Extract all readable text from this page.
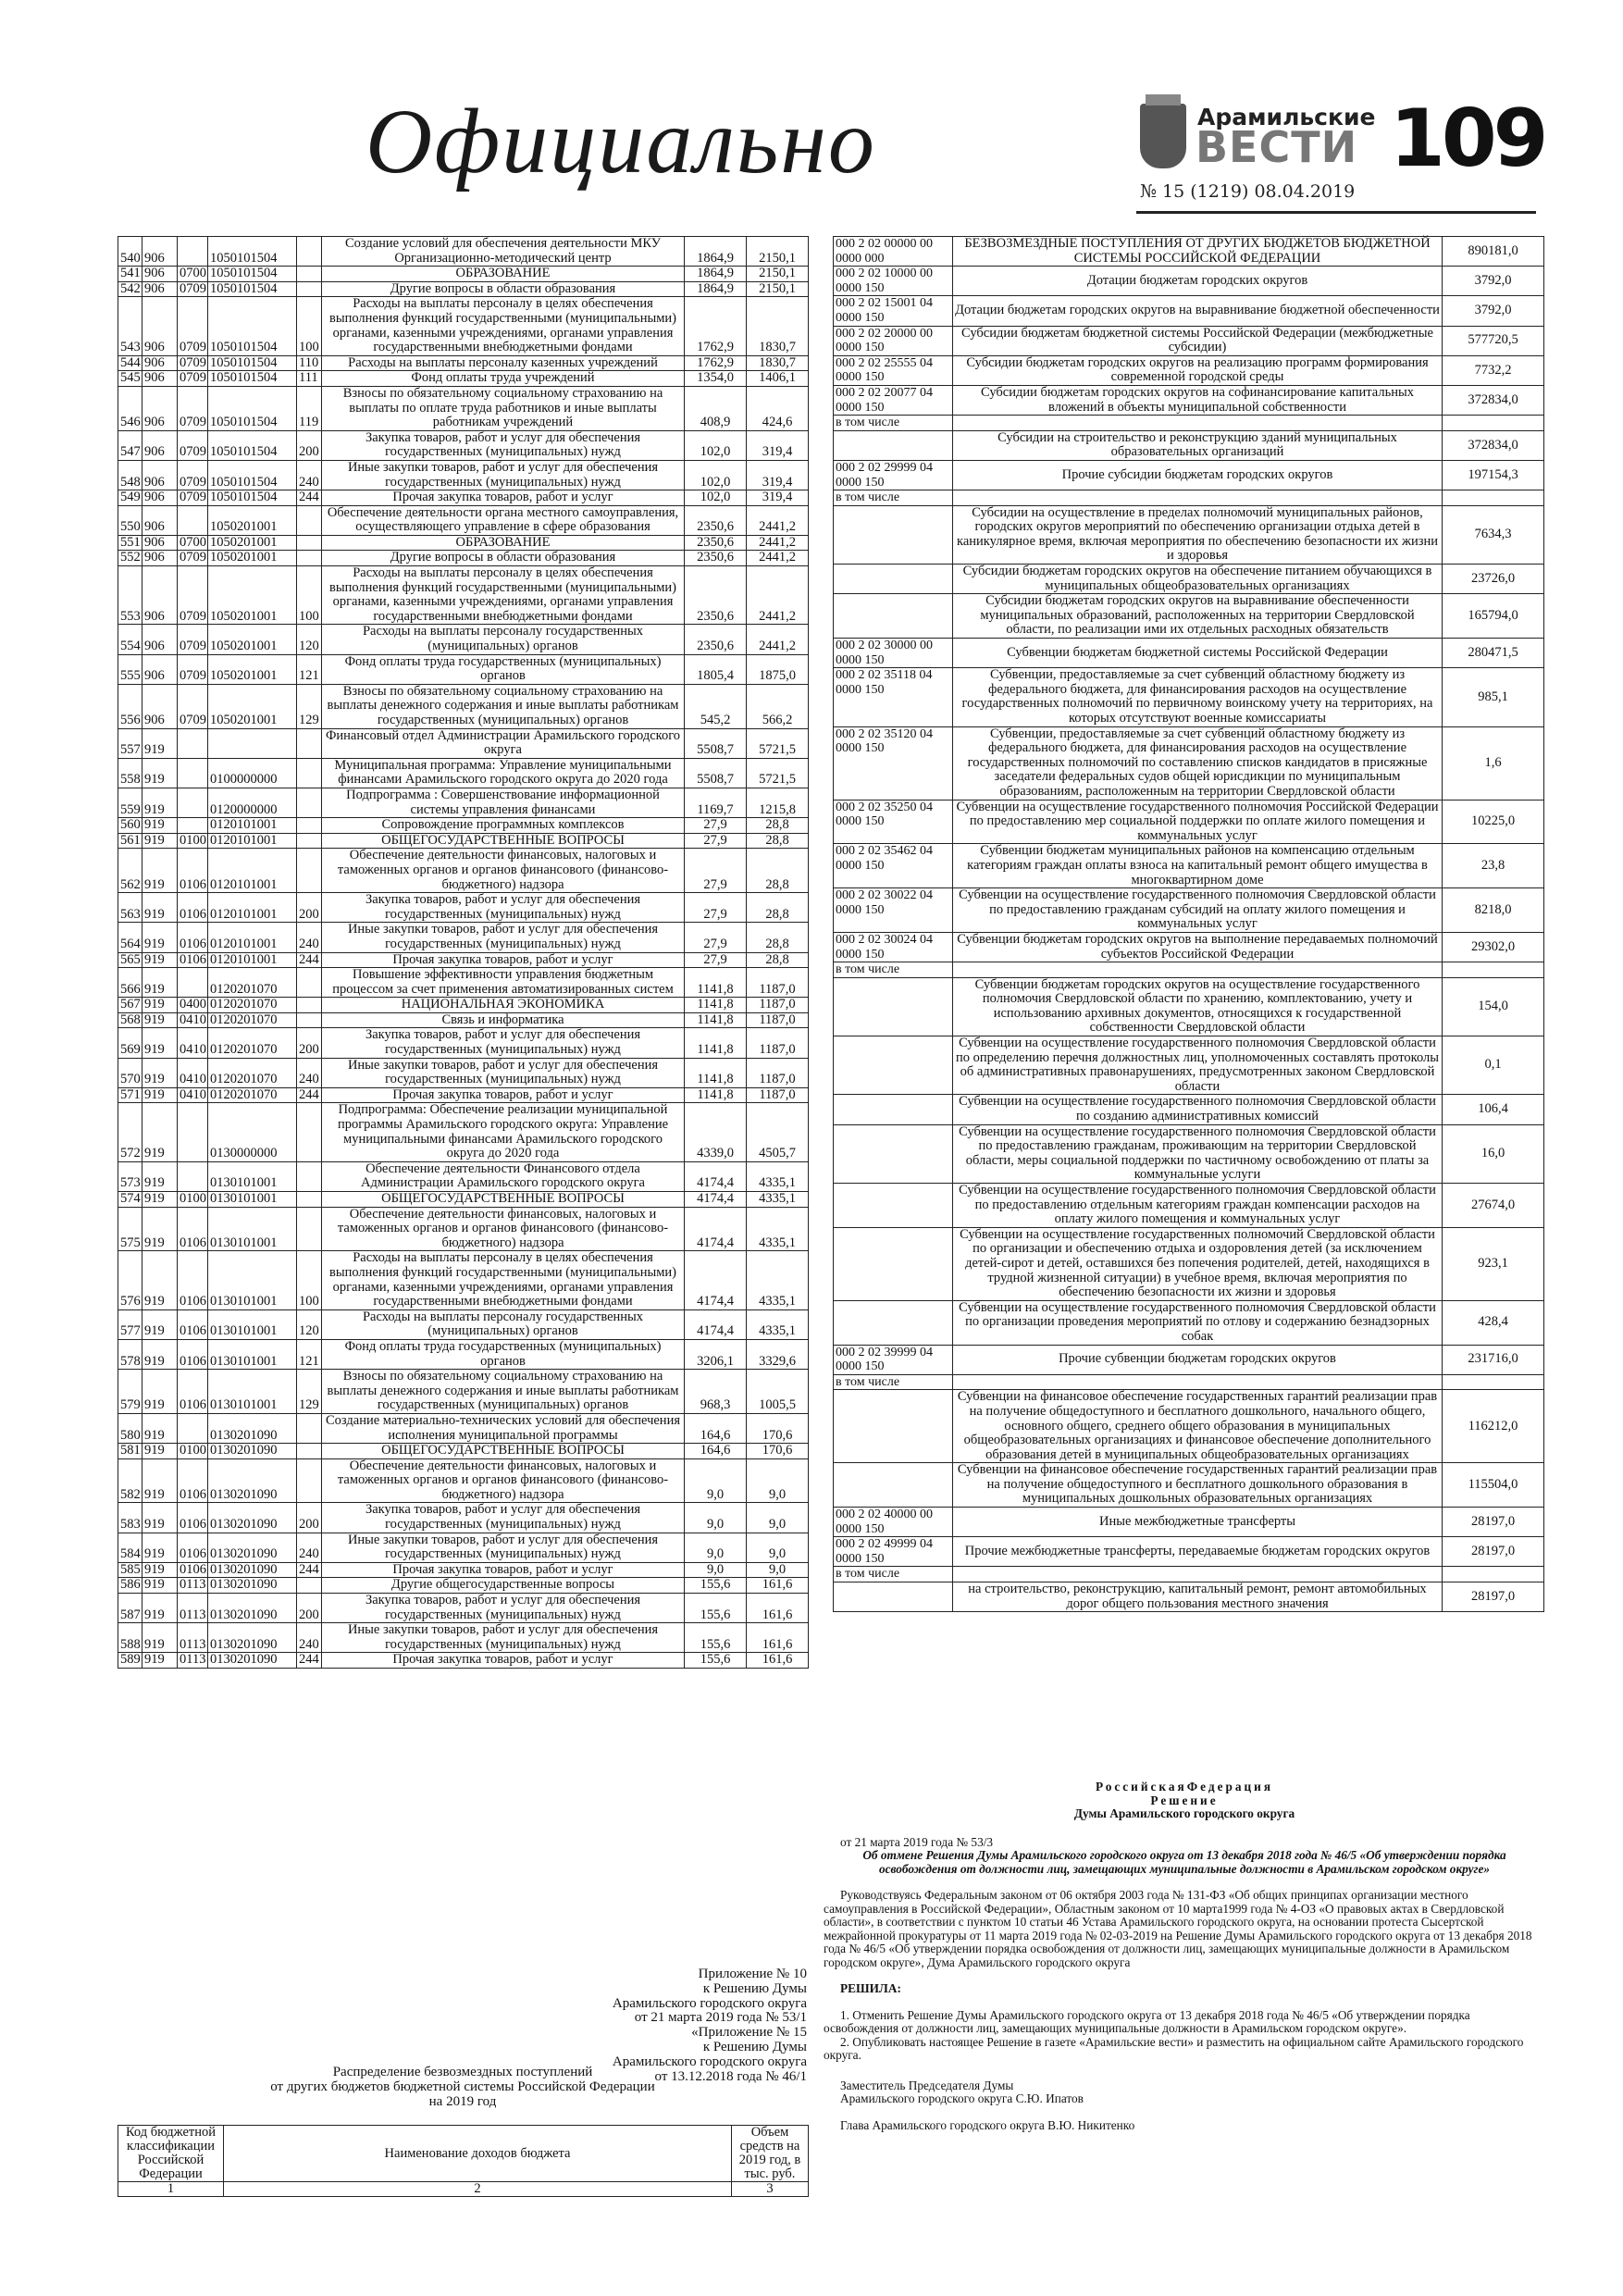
Официально	Арамильские
ВЕСТИ 109
№ 15 (1219) 08.04.2019
540	906		1050101504		Создание условий для обеспечения деятельности МКУ Организационно-методический центр	1864,9	2150,1
541	906	0700	1050101504		ОБРАЗОВАНИЕ	1864,9	2150,1
542	906	0709	1050101504		Другие вопросы в области образования	1864,9	2150,1
543	906	0709	1050101504	100	Расходы на выплаты персоналу в целях обеспечения выполнения функций государственными (муниципальными) органами, казенными учреждениями, органами управления государственными внебюджетными фондами	1762,9	1830,7
544	906	0709	1050101504	110	Расходы на выплаты персоналу казенных учреждений	1762,9	1830,7
545	906	0709	1050101504	111	Фонд оплаты труда учреждений	1354,0	1406,1
546	906	0709	1050101504	119	Взносы по обязательному социальному страхованию на выплаты по оплате труда работников и иные выплаты работникам учреждений	408,9	424,6
547	906	0709	1050101504	200	Закупка товаров, работ и услуг для обеспечения государственных (муниципальных) нужд	102,0	319,4
548	906	0709	1050101504	240	Иные закупки товаров, работ и услуг для обеспечения государственных (муниципальных) нужд	102,0	319,4
549	906	0709	1050101504	244	Прочая закупка товаров, работ и услуг	102,0	319,4
550	906		1050201001		Обеспечение деятельности органа местного самоуправления, осуществляющего управление в сфере образования	2350,6	2441,2
551	906	0700	1050201001		ОБРАЗОВАНИЕ	2350,6	2441,2
552	906	0709	1050201001		Другие вопросы в области образования	2350,6	2441,2
553	906	0709	1050201001	100	Расходы на выплаты персоналу в целях обеспечения выполнения функций государственными (муниципальными) органами, казенными учреждениями, органами управления государственными внебюджетными фондами	2350,6	2441,2
554	906	0709	1050201001	120	Расходы на выплаты персоналу государственных (муниципальных) органов	2350,6	2441,2
555	906	0709	1050201001	121	Фонд оплаты труда государственных (муниципальных) органов	1805,4	1875,0
556	906	0709	1050201001	129	Взносы по обязательному социальному страхованию на выплаты денежного содержания и иные выплаты работникам государственных (муниципальных) органов	545,2	566,2
557	919				Финансовый отдел Администрации Арамильского городского округа	5508,7	5721,5
558	919		0100000000		Муниципальная программа: Управление муниципальными финансами Арамильского городского округа до 2020 года	5508,7	5721,5
559	919		0120000000		Подпрограмма : Совершенствование информационной системы управления финансами	1169,7	1215,8
560	919		0120101001		Сопровождение программных комплексов	27,9	28,8
561	919	0100	0120101001		ОБЩЕГОСУДАРСТВЕННЫЕ ВОПРОСЫ	27,9	28,8
562	919	0106	0120101001		Обеспечение деятельности финансовых, налоговых и таможенных органов и органов финансового (финансово-бюджетного) надзора	27,9	28,8
563	919	0106	0120101001	200	Закупка товаров, работ и услуг для обеспечения государственных (муниципальных) нужд	27,9	28,8
564	919	0106	0120101001	240	Иные закупки товаров, работ и услуг для обеспечения государственных (муниципальных) нужд	27,9	28,8
565	919	0106	0120101001	244	Прочая закупка товаров, работ и услуг	27,9	28,8
566	919		0120201070		Повышение эффективности управления бюджетным процессом за счет применения автоматизированных систем	1141,8	1187,0
567	919	0400	0120201070		НАЦИОНАЛЬНАЯ ЭКОНОМИКА	1141,8	1187,0
568	919	0410	0120201070		Связь и информатика	1141,8	1187,0
569	919	0410	0120201070	200	Закупка товаров, работ и услуг для обеспечения государственных (муниципальных) нужд	1141,8	1187,0
570	919	0410	0120201070	240	Иные закупки товаров, работ и услуг для обеспечения государственных (муниципальных) нужд	1141,8	1187,0
571	919	0410	0120201070	244	Прочая закупка товаров, работ и услуг	1141,8	1187,0
572	919		0130000000		Подпрограмма: Обеспечение реализации муниципальной программы Арамильского городского округа: Управление муниципальными финансами Арамильского городского округа до 2020 года	4339,0	4505,7
573	919		0130101001		Обеспечение деятельности Финансового отдела Администрации Арамильского городского округа	4174,4	4335,1
574	919	0100	0130101001		ОБЩЕГОСУДАРСТВЕННЫЕ ВОПРОСЫ	4174,4	4335,1
575	919	0106	0130101001		Обеспечение деятельности финансовых, налоговых и таможенных органов и органов финансового (финансово-бюджетного) надзора	4174,4	4335,1
576	919	0106	0130101001	100	Расходы на выплаты персоналу в целях обеспечения выполнения функций государственными (муниципальными) органами, казенными учреждениями, органами управления государственными внебюджетными фондами	4174,4	4335,1
577	919	0106	0130101001	120	Расходы на выплаты персоналу государственных (муниципальных) органов	4174,4	4335,1
578	919	0106	0130101001	121	Фонд оплаты труда государственных (муниципальных) органов	3206,1	3329,6
579	919	0106	0130101001	129	Взносы по обязательному социальному страхованию на выплаты денежного содержания и иные выплаты работникам государственных (муниципальных) органов	968,3	1005,5
580	919		0130201090		Создание материально-технических условий для обеспечения исполнения муниципальной программы	164,6	170,6
581	919	0100	0130201090		ОБЩЕГОСУДАРСТВЕННЫЕ ВОПРОСЫ	164,6	170,6
582	919	0106	0130201090		Обеспечение деятельности финансовых, налоговых и таможенных органов и органов финансового (финансово-бюджетного) надзора	9,0	9,0
583	919	0106	0130201090	200	Закупка товаров, работ и услуг для обеспечения государственных (муниципальных) нужд	9,0	9,0
584	919	0106	0130201090	240	Иные закупки товаров, работ и услуг для обеспечения государственных (муниципальных) нужд	9,0	9,0
585	919	0106	0130201090	244	Прочая закупка товаров, работ и услуг	9,0	9,0
586	919	0113	0130201090		Другие общегосударственные вопросы	155,6	161,6
587	919	0113	0130201090	200	Закупка товаров, работ и услуг для обеспечения государственных (муниципальных) нужд	155,6	161,6
588	919	0113	0130201090	240	Иные закупки товаров, работ и услуг для обеспечения государственных (муниципальных) нужд	155,6	161,6
589	919	0113	0130201090	244	Прочая закупка товаров, работ и услуг	155,6	161,6
000 2 02 00000 00 0000 000	БЕЗВОЗМЕЗДНЫЕ ПОСТУПЛЕНИЯ ОТ ДРУГИХ БЮДЖЕТОВ БЮДЖЕТНОЙ СИСТЕМЫ РОССИЙСКОЙ ФЕДЕРАЦИИ	890181,0
000 2 02 10000 00 0000 150	Дотации бюджетам городских округов	3792,0
000 2 02 15001 04 0000 150	Дотации бюджетам городских округов на выравнивание бюджетной обеспеченности	3792,0
000 2 02 20000 00 0000 150	Субсидии бюджетам бюджетной системы Российской Федерации (межбюджетные субсидии)	577720,5
000 2 02 25555 04 0000 150	Субсидии бюджетам городских округов на реализацию программ формирования современной городской среды	7732,2
000 2 02 20077 04 0000 150	Субсидии бюджетам городских округов на софинансирование капитальных вложений в объекты муниципальной собственности	372834,0
в том числе		
	Субсидии на строительство и реконструкцию зданий муниципальных образовательных организаций	372834,0
000 2 02 29999 04 0000 150	Прочие субсидии бюджетам городских округов	197154,3
в том числе		
	Субсидии на осуществление в пределах полномочий муниципальных районов, городских округов мероприятий по обеспечению организации отдыха детей в каникулярное время, включая мероприятия по обеспечению безопасности их жизни и здоровья	7634,3
	Субсидии бюджетам городских округов на обеспечение питанием обучающихся в муниципальных общеобразовательных организациях	23726,0
	Субсидии бюджетам городских округов на выравнивание обеспеченности муниципальных образований, расположенных на территории Свердловской области, по реализации ими их отдельных расходных обязательств	165794,0
000 2 02 30000 00 0000 150	Субвенции бюджетам бюджетной системы Российской Федерации	280471,5
000 2 02 35118 04 0000 150	Субвенции, предоставляемые за счет субвенций областному бюджету из федерального бюджета, для финансирования расходов на осуществление государственных полномочий по первичному воинскому учету на территориях, на которых отсутствуют военные комиссариаты	985,1
000 2 02 35120 04 0000 150	Субвенции, предоставляемые за счет субвенций областному бюджету из федерального бюджета, для финансирования расходов на осуществление государственных полномочий по составлению списков кандидатов в присяжные заседатели федеральных судов общей юрисдикции по муниципальным образованиям, расположенным на территории Свердловской области	1,6
000 2 02 35250 04 0000 150	Субвенции на осуществление государственного полномочия Российской Федерации по предоставлению мер социальной поддержки по оплате жилого помещения и коммунальных услуг	10225,0
000 2 02 35462 04 0000 150	Субвенции бюджетам муниципальных районов на компенсацию отдельным категориям граждан оплаты взноса на капитальный ремонт общего имущества в многоквартирном доме	23,8
000 2 02 30022 04 0000 150	Субвенции на осуществление государственного полномочия Свердловской области по предоставлению гражданам субсидий на оплату жилого помещения и коммунальных услуг	8218,0
000 2 02 30024 04 0000 150	Субвенции бюджетам городских округов на выполнение передаваемых полномочий субъектов Российской Федерации	29302,0
в том числе		
	Субвенции бюджетам городских округов на осуществление государственного полномочия Свердловской области по хранению, комплектованию, учету и использованию архивных документов, относящихся к государственной собственности Свердловской области	154,0
	Субвенции на осуществление государственного полномочия Свердловской области по определению перечня должностных лиц, уполномоченных составлять протоколы об административных правонарушениях, предусмотренных законом Свердловской области	0,1
	Субвенции на осуществление государственного полномочия Свердловской области по созданию административных комиссий	106,4
	Субвенции на осуществление государственного полномочия Свердловской области по предоставлению гражданам, проживающим на территории Свердловской области, меры социальной поддержки по частичному освобождению от платы за коммунальные услуги	16,0
	Субвенции на осуществление государственного полномочия Свердловской области по предоставлению отдельным категориям граждан компенсации расходов на оплату жилого помещения и коммунальных услуг	27674,0
	Субвенции на осуществление государственных полномочий Свердловской области по организации и обеспечению отдыха и оздоровления детей (за исключением детей-сирот и детей, оставшихся без попечения родителей, детей, находящихся в трудной жизненной ситуации) в учебное время, включая мероприятия по обеспечению безопасности их жизни и здоровья	923,1
	Субвенции на осуществление государственного полномочия Свердловской области по организации проведения мероприятий по отлову и содержанию безнадзорных собак	428,4
000 2 02 39999 04 0000 150	Прочие субвенции бюджетам городских округов	231716,0
в том числе		
	Субвенции на финансовое обеспечение государственных гарантий реализации прав на получение общедоступного и бесплатного дошкольного, начального общего, основного общего, среднего общего образования в муниципальных общеобразовательных организациях и финансовое обеспечение дополнительного образования детей в муниципальных общеобразовательных организациях	116212,0
	Субвенции на финансовое обеспечение государственных гарантий реализации прав на получение общедоступного и бесплатного дошкольного образования в муниципальных дошкольных образовательных организациях	115504,0
000 2 02 40000 00 0000 150	Иные межбюджетные трансферты	28197,0
000 2 02 49999 04 0000 150	Прочие межбюджетные трансферты, передаваемые бюджетам городских округов	28197,0
в том числе		
	на строительство, реконструкцию, капитальный ремонт, ремонт автомобильных дорог общего пользования местного значения	28197,0
Приложение № 10
к Решению Думы
Арамильского городского округа
от 21 марта 2019 года № 53/1
«Приложение № 15
к Решению Думы
Арамильского городского округа
от 13.12.2018 года № 46/1
Распределение безвозмездных поступлений
от других бюджетов бюджетной системы Российской Федерации
на 2019 год
Код бюджетной классификации Российской Федерации	Наименование доходов бюджета	Объем средств на 2019 год, в тыс. руб.
1	2	3

РоссийскаяФедерация

Решение

Думы Арамильского городского округа

от 21 марта 2019 года № 53/3

Об отмене Решения Думы Арамильского городского округа от 13 декабря 2018 года № 46/5 «Об утверждении порядка освобождения от должности лиц, замещающих муниципальные должности в Арамильском городском округе»

Руководствуясь Федеральным законом от 06 октября 2003 года № 131-ФЗ «Об общих принципах организации местного самоуправления в Российской Федерации», Областным законом от 10 марта1999 года № 4-ОЗ «О правовых актах в Свердловской области», в соответствии с пунктом 10 статьи 46 Устава Арамильского городского округа, на основании протеста Сысертской межрайонной прокуратуры от 11 марта 2019 года № 02-03-2019 на Решение Думы Арамильского городского округа от 13 декабря 2018 года № 46/5 «Об утверждении порядка освобождения от должности лиц, замещающих муниципальные должности в Арамильском городском округе», Дума Арамильского городского округа

РЕШИЛА:

1. Отменить Решение Думы Арамильского городского округа от 13 декабря 2018 года № 46/5 «Об утверждении порядка освобождения от должности лиц, замещающих муниципальные должности в Арамильском городском округе».

2. Опубликовать настоящее Решение в газете «Арамильские вести» и разместить на официальном сайте Арамильского городского округа.

Заместитель Председателя Думы

Арамильского городского округа С.Ю. Ипатов

Глава Арамильского городского округа В.Ю. Никитенко
